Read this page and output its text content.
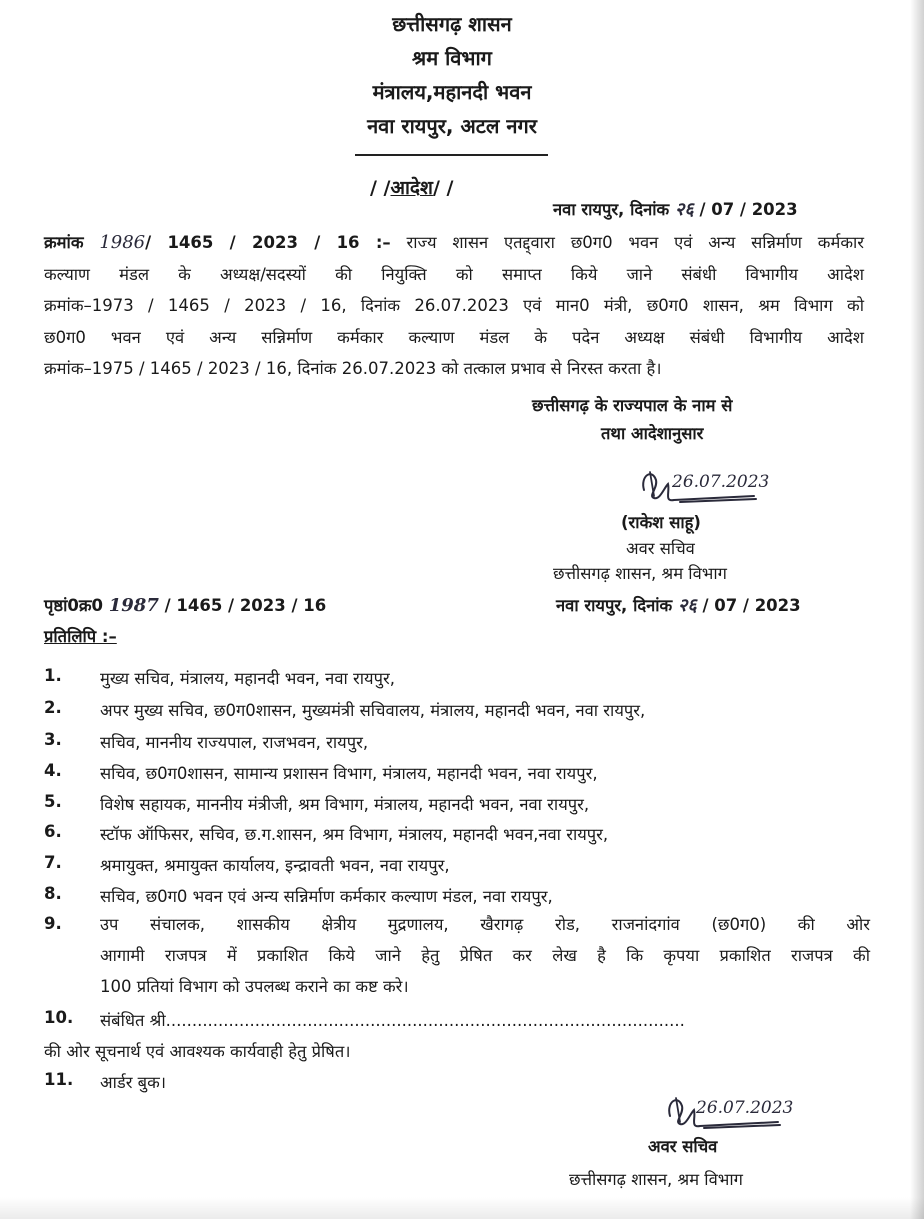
छत्तीसगढ़ शासन
श्रम विभाग
मंत्रालय,महानदी भवन
नवा रायपुर, अटल नगर
/ /आदेश/ /
नवा रायपुर, दिनांक २६ / 07 / 2023
क्रमांक 1986/ 1465 / 2023 / 16 :– राज्य शासन एतद्द्वारा छ0ग0 भवन एवं अन्य सन्निर्माण कर्मकार
कल्याण मंडल के अध्यक्ष/सदस्यों की नियुक्ति को समाप्त किये जाने संबंधी विभागीय आदेश
क्रमांक–1973 / 1465 / 2023 / 16, दिनांक 26.07.2023 एवं मान0 मंत्री, छ0ग0 शासन, श्रम विभाग को
छ0ग0 भवन एवं अन्य सन्निर्माण कर्मकार कल्याण मंडल के पदेन अध्यक्ष संबंधी विभागीय आदेश
क्रमांक–1975 / 1465 / 2023 / 16, दिनांक 26.07.2023 को तत्काल प्रभाव से निरस्त करता है।
छत्तीसगढ़ के राज्यपाल के नाम से
तथा आदेशानुसार
26.07.2023
(राकेश साहू)
अवर सचिव
छत्तीसगढ़ शासन, श्रम विभाग
पृष्ठां0क्र0 1987 / 1465 / 2023 / 16	नवा रायपुर, दिनांक २६ / 07 / 2023
प्रतिलिपि :–
1. मुख्य सचिव, मंत्रालय, महानदी भवन, नवा रायपुर,
2. अपर मुख्य सचिव, छ0ग0शासन, मुख्यमंत्री सचिवालय, मंत्रालय, महानदी भवन, नवा रायपुर,
3. सचिव, माननीय राज्यपाल, राजभवन, रायपुर,
4. सचिव, छ0ग0शासन, सामान्य प्रशासन विभाग, मंत्रालय, महानदी भवन, नवा रायपुर,
5. विशेष सहायक, माननीय मंत्रीजी, श्रम विभाग, मंत्रालय, महानदी भवन, नवा रायपुर,
6. स्टॉफ ऑफिसर, सचिव, छ.ग.शासन, श्रम विभाग, मंत्रालय, महानदी भवन,नवा रायपुर,
7. श्रमायुक्त, श्रमायुक्त कार्यालय, इन्द्रावती भवन, नवा रायपुर,
8. सचिव, छ0ग0 भवन एवं अन्य सन्निर्माण कर्मकार कल्याण मंडल, नवा रायपुर,
9. उप संचालक, शासकीय क्षेत्रीय मुद्रणालय, खैरागढ़ रोड, राजनांदगांव (छ0ग0) की ओर
आगामी राजपत्र में प्रकाशित किये जाने हेतु प्रेषित कर लेख है कि कृपया प्रकाशित राजपत्र की
100 प्रतियां विभाग को उपलब्ध कराने का कष्ट करे।
10. संबंधित श्री...................................................................................................
की ओर सूचनार्थ एवं आवश्यक कार्यवाही हेतु प्रेषित।
11. आर्डर बुक।
26.07.2023
अवर सचिव
छत्तीसगढ़ शासन, श्रम विभाग
